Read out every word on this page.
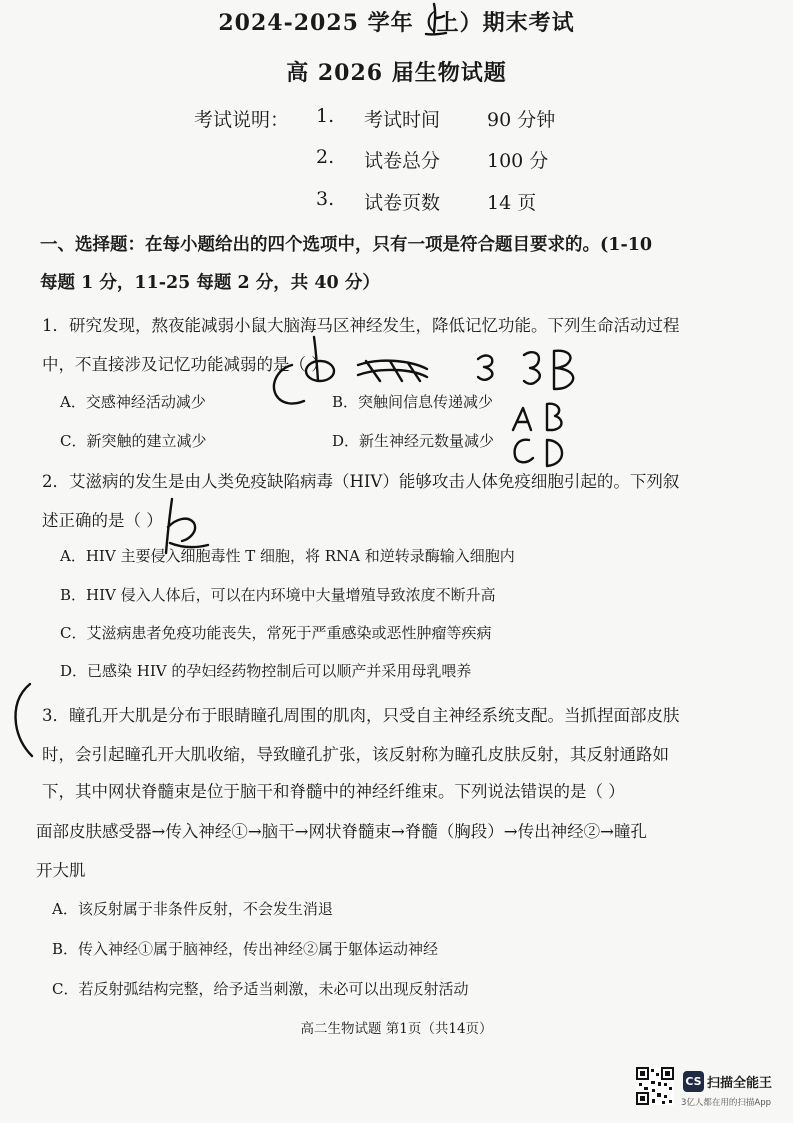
2024-2025 学年（上）期末考试
高 2026 届生物试题
考试说明： 1. 考试时间 90 分钟
2. 试卷总分 100 分
3. 试卷页数 14 页
一、选择题：在每小题给出的四个选项中，只有一项是符合题目要求的。(1-10
每题 1 分，11-25 每题 2 分，共 40 分）
1．研究发现，熬夜能减弱小鼠大脑海马区神经发生，降低记忆功能。下列生命活动过程
中，不直接涉及记忆功能减弱的是（ ）
A．交感神经活动减少	B．突触间信息传递减少
C．新突触的建立减少	D．新生神经元数量减少
2．艾滋病的发生是由人类免疫缺陷病毒（HIV）能够攻击人体免疫细胞引起的。下列叙
述正确的是（ ）
A．HIV 主要侵入细胞毒性 T 细胞，将 RNA 和逆转录酶输入细胞内
B．HIV 侵入人体后，可以在内环境中大量增殖导致浓度不断升高
C．艾滋病患者免疫功能丧失，常死于严重感染或恶性肿瘤等疾病
D．已感染 HIV 的孕妇经药物控制后可以顺产并采用母乳喂养
3．瞳孔开大肌是分布于眼睛瞳孔周围的肌肉，只受自主神经系统支配。当抓捏面部皮肤
时，会引起瞳孔开大肌收缩，导致瞳孔扩张，该反射称为瞳孔皮肤反射，其反射通路如
下，其中网状脊髓束是位于脑干和脊髓中的神经纤维束。下列说法错误的是（ ）
面部皮肤感受器→传入神经①→脑干→网状脊髓束→脊髓（胸段）→传出神经②→瞳孔
开大肌
A．该反射属于非条件反射，不会发生消退
B．传入神经①属于脑神经，传出神经②属于躯体运动神经
C．若反射弧结构完整，给予适当刺激，未必可以出现反射活动
高二生物试题 第1页（共14页）
CS 扫描全能王
3亿人都在用的扫描App
